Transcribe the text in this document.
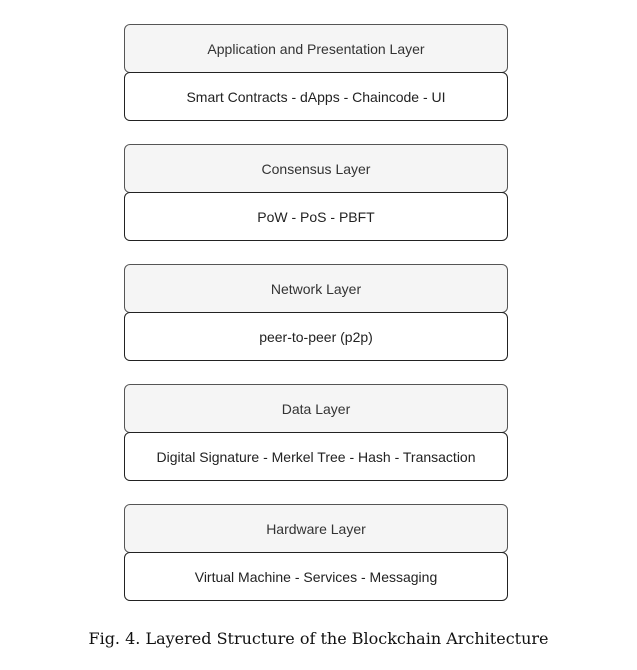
Application and Presentation Layer
Smart Contracts - dApps - Chaincode - UI
Consensus Layer
PoW - PoS - PBFT
Network Layer
peer-to-peer (p2p)
Data Layer
Digital Signature - Merkel Tree - Hash - Transaction
Hardware Layer
Virtual Machine - Services - Messaging
Fig. 4. Layered Structure of the Blockchain Architecture
